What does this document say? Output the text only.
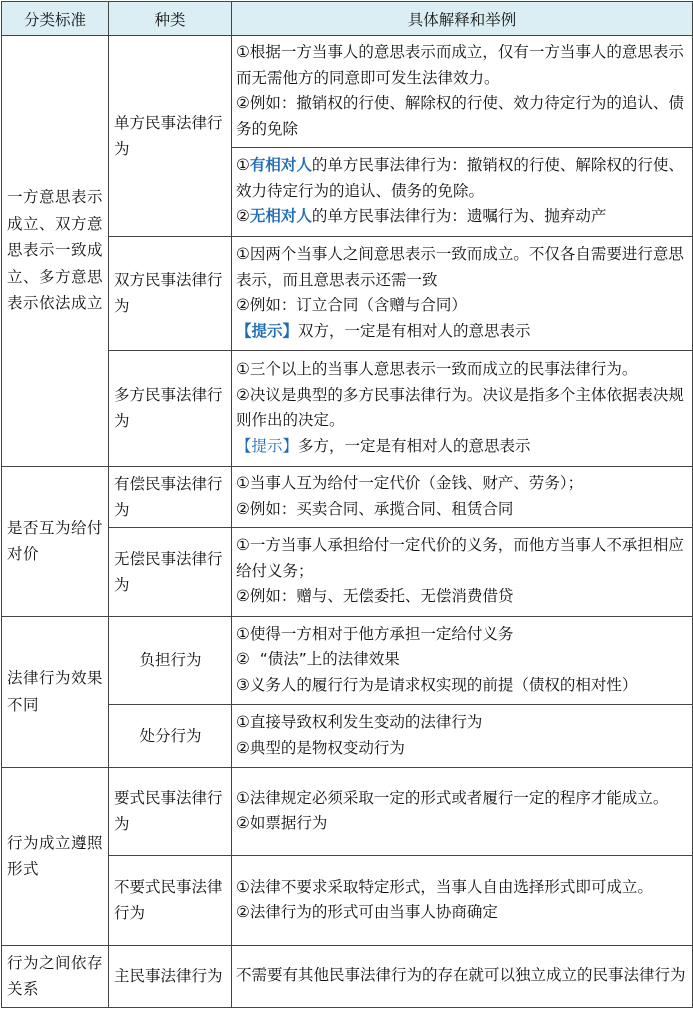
分类标准	种类	具体解释和举例
一方意思表示成立、双方意思表示一致成立、多方意思表示依法成立	单方民事法律行为	①根据一方当事人的意思表示而成立，仅有一方当事人的意思表示而无需他方的同意即可发生法律效力。
②例如：撤销权的行使、解除权的行使、效力待定行为的追认、债务的免除

		①有相对人的单方民事法律行为：撤销权的行使、解除权的行使、效力待定行为的追认、债务的免除。
②无相对人的单方民事法律行为：遗嘱行为、抛弃动产

	双方民事法律行为	①因两个当事人之间意思表示一致而成立。不仅各自需要进行意思表示，而且意思表示还需一致
②例如：订立合同（含赠与合同）
【提示】双方，一定是有相对人的意思表示

	多方民事法律行为	①三个以上的当事人意思表示一致而成立的民事法律行为。
②决议是典型的多方民事法律行为。决议是指多个主体依据表决规则作出的决定。
【提示】多方，一定是有相对人的意思表示

是否互为给付对价	有偿民事法律行为	①当事人互为给付一定代价（金钱、财产、劳务）；
②例如：买卖合同、承揽合同、租赁合同

	无偿民事法律行为	①一方当事人承担给付一定代价的义务，而他方当事人不承担相应给付义务；
②例如：赠与、无偿委托、无偿消费借贷

法律行为效果不同	负担行为	①使得一方相对于他方承担一定给付义务
②  “债法”上的法律效果
③义务人的履行行为是请求权实现的前提（债权的相对性）

	处分行为	①直接导致权利发生变动的法律行为
②典型的是物权变动行为

行为成立遵照形式	要式民事法律行为	①法律规定必须采取一定的形式或者履行一定的程序才能成立。
②如票据行为

	不要式民事法律行为	①法律不要求采取特定形式，当事人自由选择形式即可成立。
②法律行为的形式可由当事人协商确定

行为之间依存关系	主民事法律行为	不需要有其他民事法律行为的存在就可以独立成立的民事法律行为
